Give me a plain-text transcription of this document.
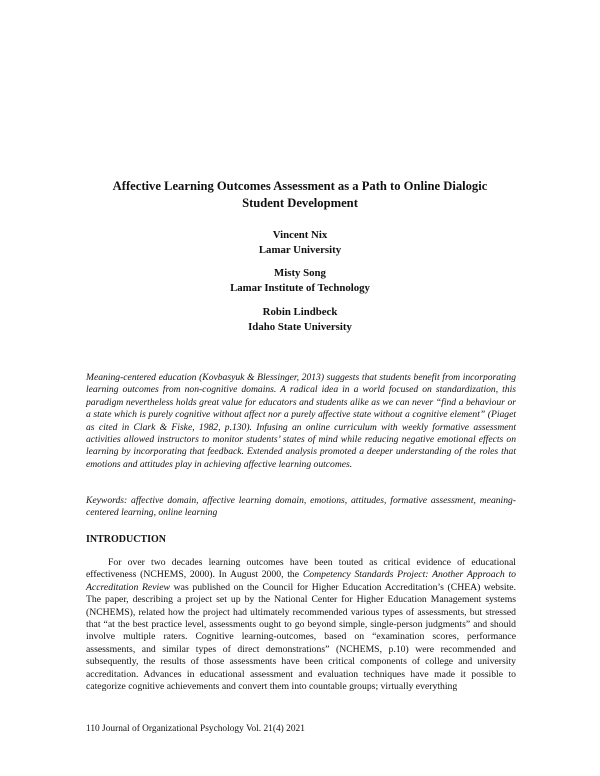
Affective Learning Outcomes Assessment as a Path to Online Dialogic
Student Development
Vincent Nix
Lamar University
Misty Song
Lamar Institute of Technology
Robin Lindbeck
Idaho State University

Meaning-centered education (Kovbasyuk & Blessinger, 2013) suggests that students benefit from incorporating learning outcomes from non-cognitive domains. A radical idea in a world focused on standardization, this paradigm nevertheless holds great value for educators and students alike as we can never “find a behaviour or a state which is purely cognitive without affect nor a purely affective state without a cognitive element” (Piaget as cited in Clark & Fiske, 1982, p.130). Infusing an online curriculum with weekly formative assessment activities allowed instructors to monitor students’ states of mind while reducing negative emotional effects on learning by incorporating that feedback. Extended analysis promoted a deeper understanding of the roles that emotions and attitudes play in achieving affective learning outcomes.

Keywords: affective domain, affective learning domain, emotions, attitudes, formative assessment, meaning-centered learning, online learning

INTRODUCTION

For over two decades learning outcomes have been touted as critical evidence of educational effectiveness (NCHEMS, 2000). In August 2000, the Competency Standards Project: Another Approach to Accreditation Review was published on the Council for Higher Education Accreditation’s (CHEA) website. The paper, describing a project set up by the National Center for Higher Education Management systems (NCHEMS), related how the project had ultimately recommended various types of assessments, but stressed that “at the best practice level, assessments ought to go beyond simple, single-person judgments” and should involve multiple raters. Cognitive learning-outcomes, based on “examination scores, performance assessments, and similar types of direct demonstrations” (NCHEMS, p.10) were recommended and subsequently, the results of those assessments have been critical components of college and university accreditation. Advances in educational assessment and evaluation techniques have made it possible to categorize cognitive achievements and convert them into countable groups; virtually everything

110 Journal of Organizational Psychology Vol. 21(4) 2021
